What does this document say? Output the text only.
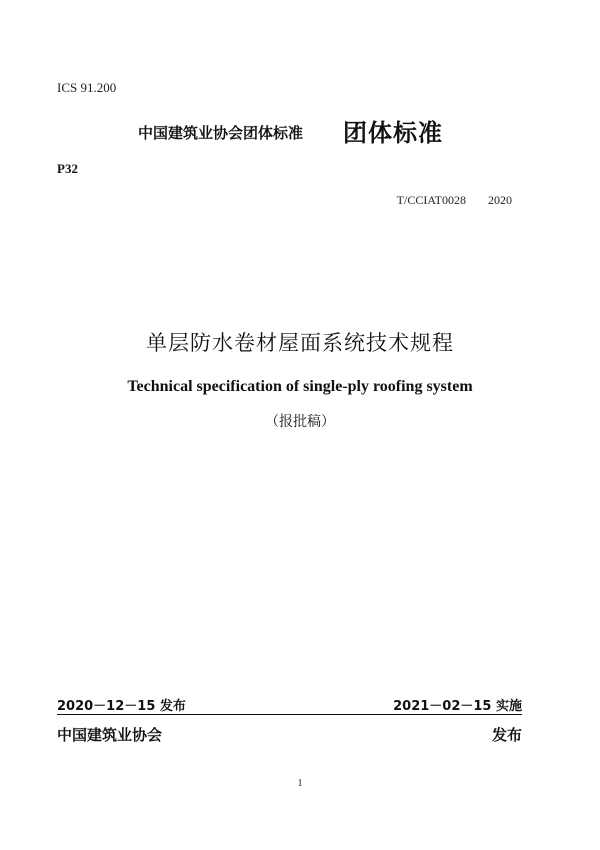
ICS 91.200
中国建筑业协会团体标准 团体标准
P32
T/CCIAT0028 2020
单层防水卷材屋面系统技术规程
Technical specification of single-ply roofing system
（报批稿）
2020－12－15 发布	2021－02－15 实施
中国建筑业协会	发布
1
